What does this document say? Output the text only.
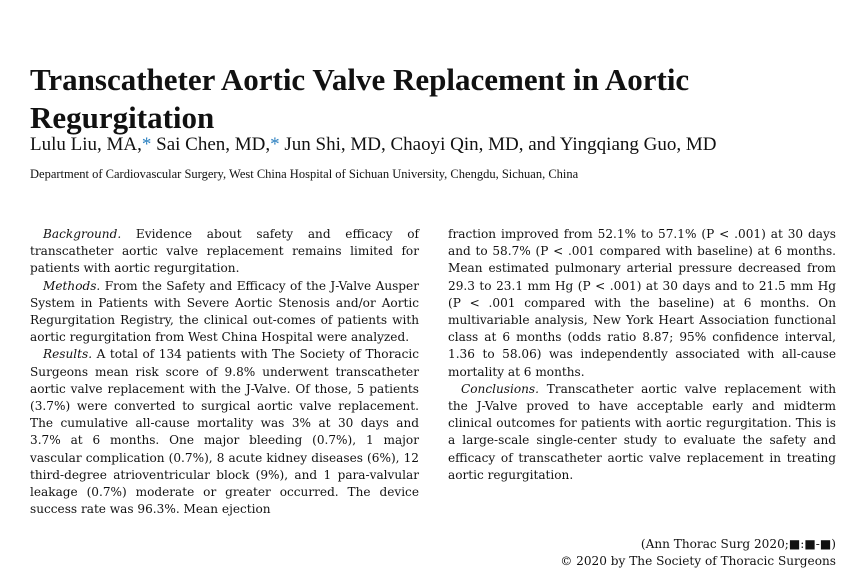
Transcatheter Aortic Valve Replacement in Aortic Regurgitation
Lulu Liu, MA,* Sai Chen, MD,* Jun Shi, MD, Chaoyi Qin, MD, and Yingqiang Guo, MD
Department of Cardiovascular Surgery, West China Hospital of Sichuan University, Chengdu, Sichuan, China

Background. Evidence about safety and efficacy of transcatheter aortic valve replacement remains limited for patients with aortic regurgitation.

Methods. From the Safety and Efficacy of the J-Valve Ausper System in Patients with Severe Aortic Stenosis and/or Aortic Regurgitation Registry, the clinical out-comes of patients with aortic regurgitation from West China Hospital were analyzed.

Results. A total of 134 patients with The Society of Thoracic Surgeons mean risk score of 9.8% underwent transcatheter aortic valve replacement with the J-Valve. Of those, 5 patients (3.7%) were converted to surgical aortic valve replacement. The cumulative all-cause mortality was 3% at 30 days and 3.7% at 6 months. One major bleeding (0.7%), 1 major vascular complication (0.7%), 8 acute kidney diseases (6%), 12 third-degree atrioventricular block (9%), and 1 para-valvular leakage (0.7%) moderate or greater occurred. The device success rate was 96.3%. Mean ejection

fraction improved from 52.1% to 57.1% (P < .001) at 30 days and to 58.7% (P < .001 compared with baseline) at 6 months. Mean estimated pulmonary arterial pressure decreased from 29.3 to 23.1 mm Hg (P < .001) at 30 days and to 21.5 mm Hg (P < .001 compared with the baseline) at 6 months. On multivariable analysis, New York Heart Association functional class at 6 months (odds ratio 8.87; 95% confidence interval, 1.36 to 58.06) was independently associated with all-cause mortality at 6 months.

Conclusions. Transcatheter aortic valve replacement with the J-Valve proved to have acceptable early and midterm clinical outcomes for patients with aortic regurgitation. This is a large-scale single-center study to evaluate the safety and efficacy of transcatheter aortic valve replacement in treating aortic regurgitation.

(Ann Thorac Surg 2020;■:■-■)
© 2020 by The Society of Thoracic Surgeons
